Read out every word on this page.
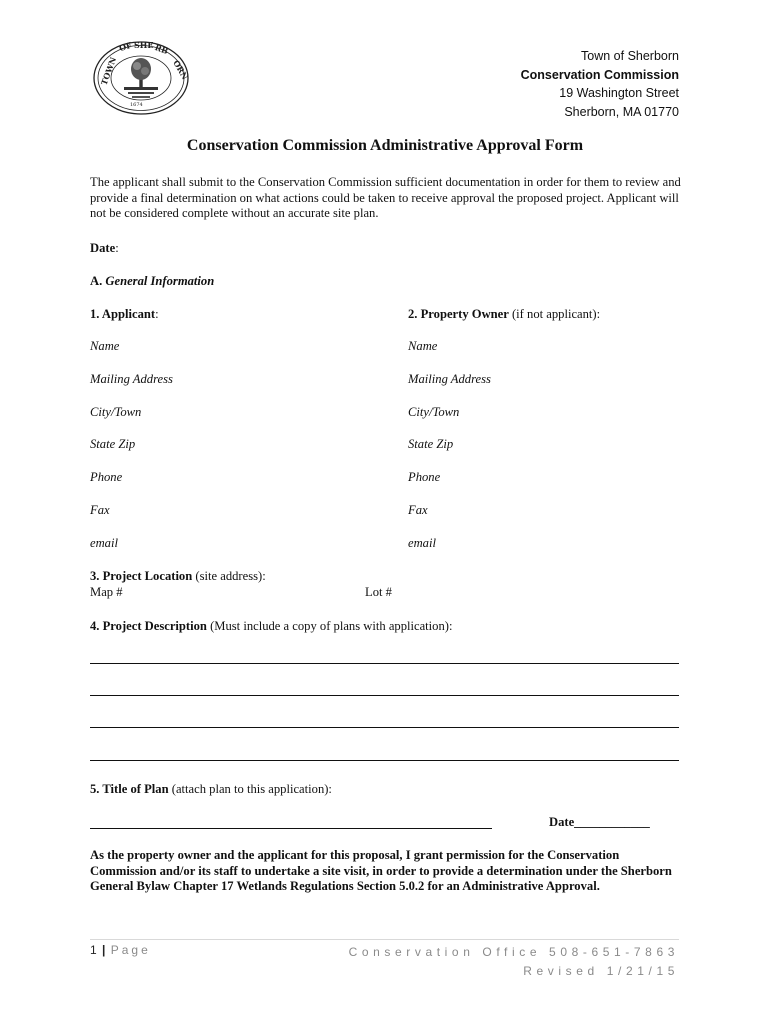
TOWN
OF SHE RB
ORN
1674
Town of Sherborn
Conservation Commission
19 Washington Street
Sherborn, MA 01770
Conservation Commission Administrative Approval Form
The applicant shall submit to the Conservation Commission sufficient documentation in order for them to review and provide a final determination on what actions could be taken to receive approval the proposed project. Applicant will not be considered complete without an accurate site plan.
Date:
A. General Information
1. Applicant:
Name
Mailing Address
City/Town
State Zip
Phone
Fax
email
2. Property Owner (if not applicant):
Name
Mailing Address
City/Town
State Zip
Phone
Fax
email
3. Project Location (site address):
Map #	Lot #
4. Project Description (Must include a copy of plans with application):
5. Title of Plan (attach plan to this application):
Date____________
As the property owner and the applicant for this proposal, I grant permission for the Conservation Commission and/or its staff to undertake a site visit, in order to provide a determination under the Sherborn General Bylaw Chapter 17 Wetlands Regulations Section 5.0.2 for an Administrative Approval.
1 | Page	Conservation Office 508-651-7863
Revised 1/21/15
